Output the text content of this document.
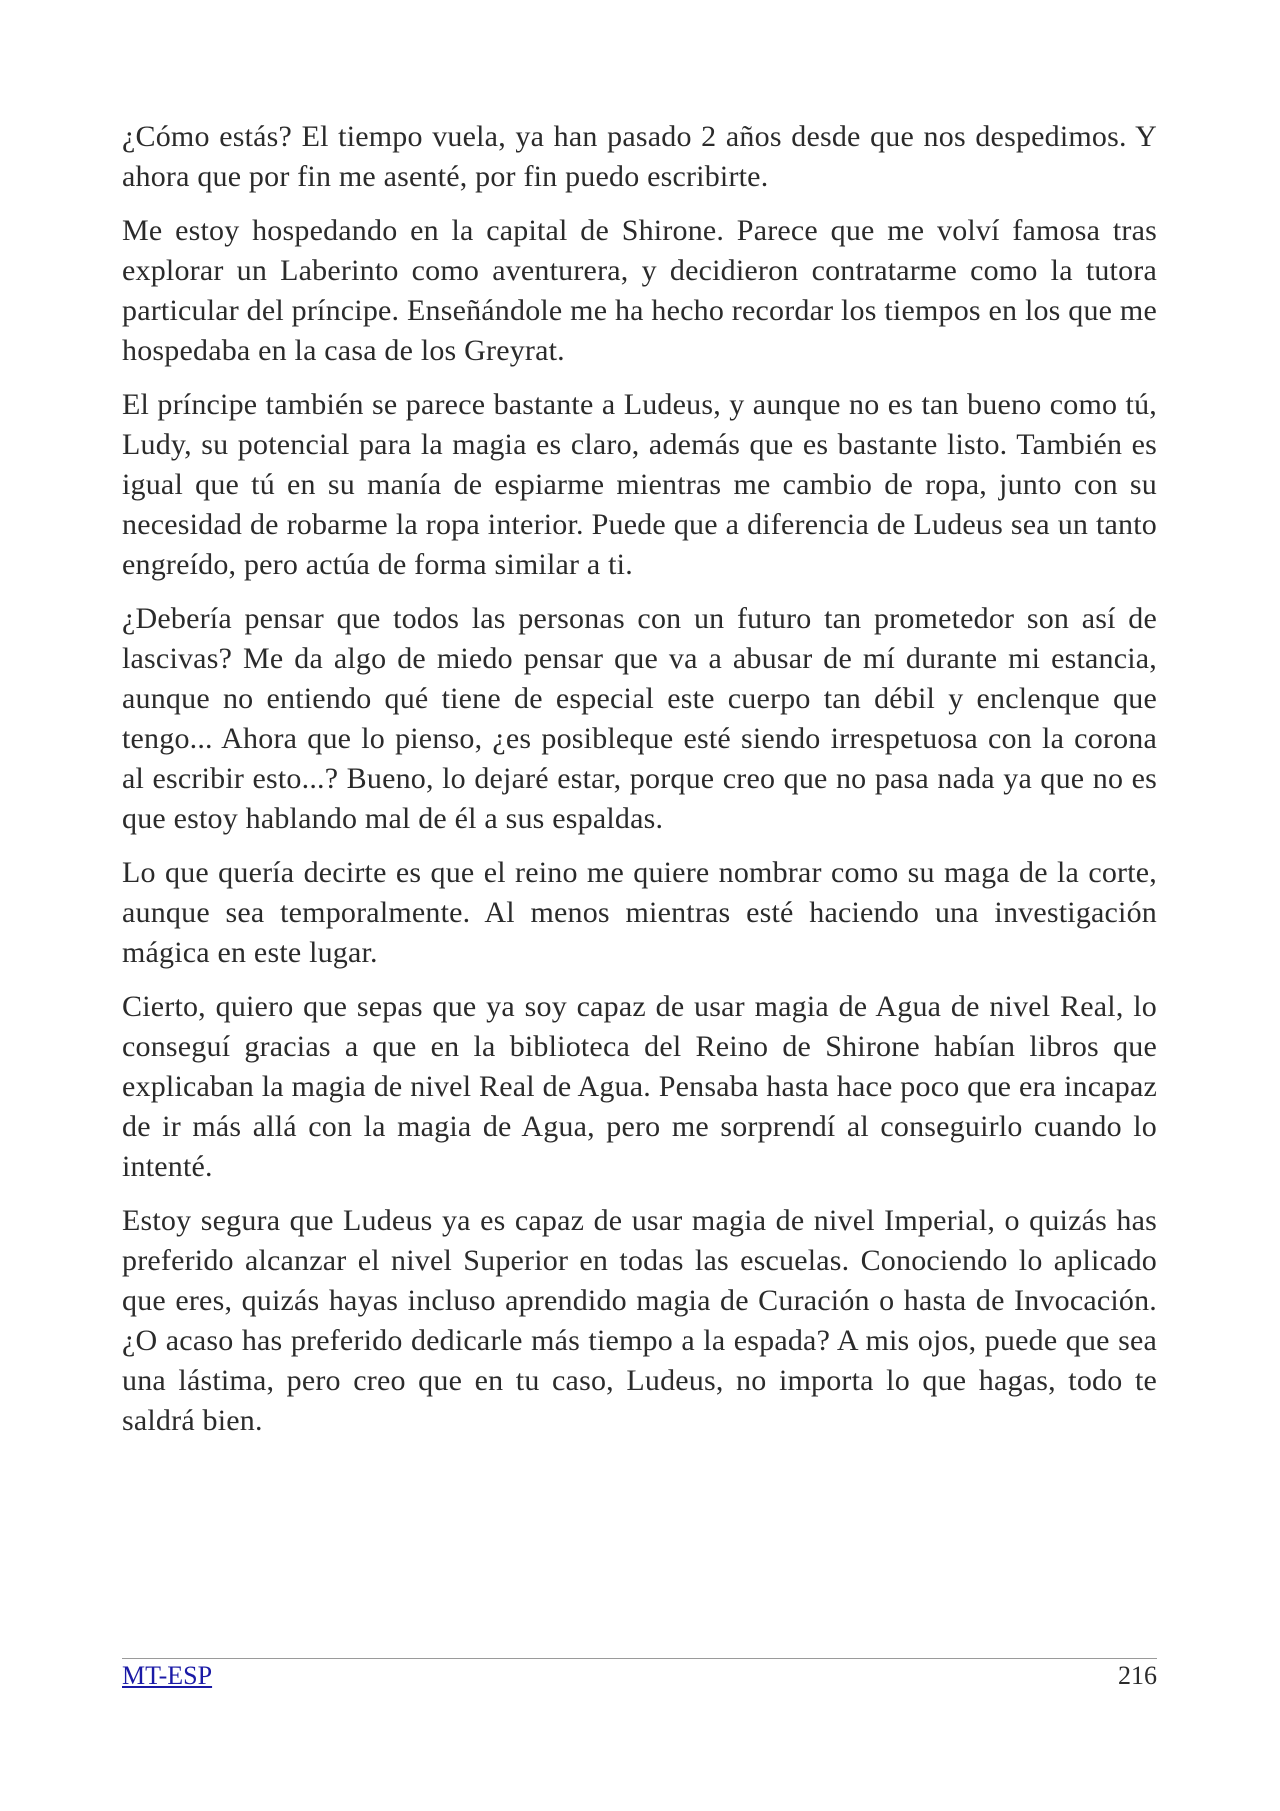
¿Cómo estás? El tiempo vuela, ya han pasado 2 años desde que nos despedimos. Y ahora que por fin me asenté, por fin puedo escribirte.

Me estoy hospedando en la capital de Shirone. Parece que me volví famosa tras explorar un Laberinto como aventurera, y decidieron contratarme como la tutora particular del príncipe. Enseñándole me ha hecho recordar los tiempos en los que me hospedaba en la casa de los Greyrat.

El príncipe también se parece bastante a Ludeus, y aunque no es tan bueno como tú, Ludy, su potencial para la magia es claro, además que es bastante listo. También es igual que tú en su manía de espiarme mientras me cambio de ropa, junto con su necesidad de robarme la ropa interior. Puede que a diferencia de Ludeus sea un tanto engreído, pero actúa de forma similar a ti.

¿Debería pensar que todos las personas con un futuro tan prometedor son así de lascivas? Me da algo de miedo pensar que va a abusar de mí durante mi estancia, aunque no entiendo qué tiene de especial este cuerpo tan débil y enclenque que tengo... Ahora que lo pienso, ¿es posibleque esté siendo irrespetuosa con la corona al escribir esto...? Bueno, lo dejaré estar, porque creo que no pasa nada ya que no es que estoy hablando mal de él a sus espaldas.

Lo que quería decirte es que el reino me quiere nombrar como su maga de la corte, aunque sea temporalmente. Al menos mientras esté haciendo una investigación mágica en este lugar.

Cierto, quiero que sepas que ya soy capaz de usar magia de Agua de nivel Real, lo conseguí gracias a que en la biblioteca del Reino de Shirone habían libros que explicaban la magia de nivel Real de Agua. Pensaba hasta hace poco que era incapaz de ir más allá con la magia de Agua, pero me sorprendí al conseguirlo cuando lo intenté.

Estoy segura que Ludeus ya es capaz de usar magia de nivel Imperial, o quizás has preferido alcanzar el nivel Superior en todas las escuelas. Conociendo lo aplicado que eres, quizás hayas incluso aprendido magia de Curación o hasta de Invocación. ¿O acaso has preferido dedicarle más tiempo a la espada? A mis ojos, puede que sea una lástima, pero creo que en tu caso, Ludeus, no importa lo que hagas, todo te saldrá bien.

MT-ESP	216
